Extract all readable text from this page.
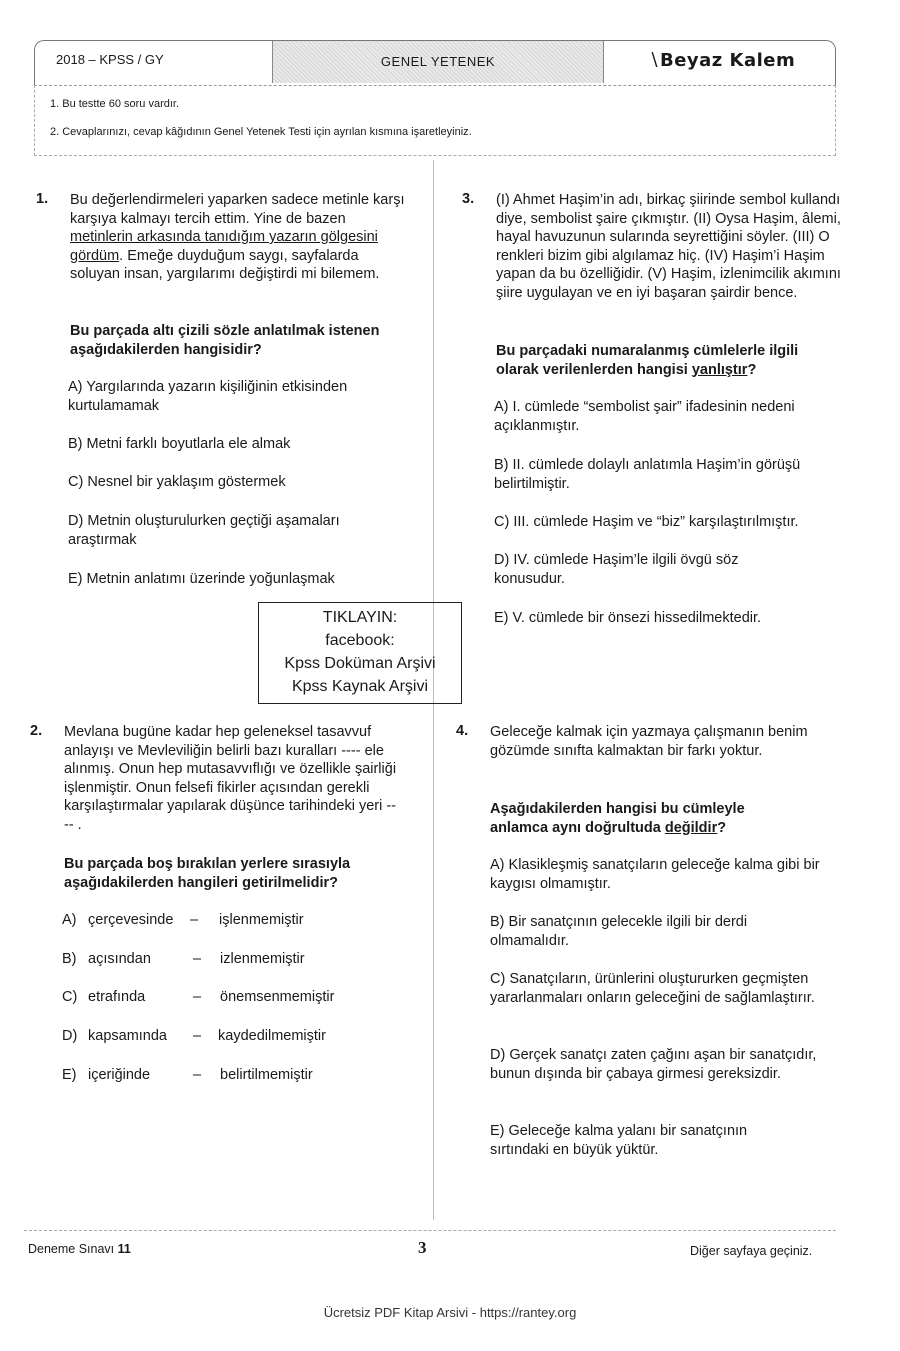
GENEL YETENEK
2018 – KPSS / GY	∖Beyaz Kalem
1. Bu testte 60 soru vardır.
2. Cevaplarınızı, cevap kâğıdının Genel Yetenek Testi için ayrılan kısmına işaretleyiniz.
1. Bu değerlendirmeleri yaparken sadece metinle karşı karşıya kalmayı tercih ettim. Yine de bazen metinlerin arkasında tanıdığım yazarın gölgesini gördüm. Emeğe duyduğum saygı, sayfalarda soluyan insan, yargılarımı değiştirdi mi bilemem.
Bu parçada altı çizili sözle anlatılmak istenen aşağıdakilerden hangisidir?
A) Yargılarında yazarın kişiliğinin etkisinden kurtulamamak
B) Metni farklı boyutlarla ele almak
C) Nesnel bir yaklaşım göstermek
D) Metnin oluşturulurken geçtiği aşamaları araştırmak
E) Metnin anlatımı üzerinde yoğunlaşmak
TIKLAYIN:
facebook:
Kpss Doküman Arşivi
Kpss Kaynak Arşivi
2. Mevlana bugüne kadar hep geleneksel tasavvuf anlayışı ve Mevleviliğin belirli bazı kuralları ---- ele alınmış. Onun hep mutasavvıflığı ve özellikle şairliği işlenmiştir. Onun felsefi fikirler açısından gerekli karşılaştırmalar yapılarak düşünce tarihindeki yeri ---- .
Bu parçada boş bırakılan yerlere sırasıyla aşağıdakilerden hangileri getirilmelidir?
A) çerçevesinde – işlenmemiştir
B) açısından	– izlenmemiştir
C) etrafında	– önemsenmemiştir
D) kapsamında – kaydedilmemiştir
E) içeriğinde	– belirtilmemiştir
3. (I) Ahmet Haşim’in adı, birkaç şiirinde sembol kullandı diye, sembolist şaire çıkmıştır. (II) Oysa Haşim, âlemi, hayal havuzunun sularında seyrettiğini söyler. (III) O renkleri bizim gibi algılamaz hiç. (IV) Haşim’i Haşim yapan da bu özelliğidir. (V) Haşim, izlenimcilik akımını şiire uygulayan ve en iyi başaran şairdir bence.
Bu parçadaki numaralanmış cümlelerle ilgili olarak verilenlerden hangisi yanlıştır?
A) I. cümlede “sembolist şair” ifadesinin nedeni açıklanmıştır.
B) II. cümlede dolaylı anlatımla Haşim’in görüşü belirtilmiştir.
C) III. cümlede Haşim ve “biz” karşılaştırılmıştır.
D) IV. cümlede Haşim’le ilgili övgü söz konusudur.
E) V. cümlede bir önsezi hissedilmektedir.
4. Geleceğe kalmak için yazmaya çalışmanın benim gözümde sınıfta kalmaktan bir farkı yoktur.
Aşağıdakilerden hangisi bu cümleyle anlamca aynı doğrultuda değildir?
A) Klasikleşmiş sanatçıların geleceğe kalma gibi bir kaygısı olmamıştır.
B) Bir sanatçının gelecekle ilgili bir derdi olmamalıdır.
C) Sanatçıların, ürünlerini oluştururken geçmişten yararlanmaları onların geleceğini de sağlamlaştırır.
D) Gerçek sanatçı zaten çağını aşan bir sanatçıdır, bunun dışında bir çabaya girmesi gereksizdir.
E) Geleceğe kalma yalanı bir sanatçının sırtındaki en büyük yüktür.
Deneme Sınavı 11	3	Diğer sayfaya geçiniz.
Ücretsiz PDF Kitap Arsivi - https://rantey.org
